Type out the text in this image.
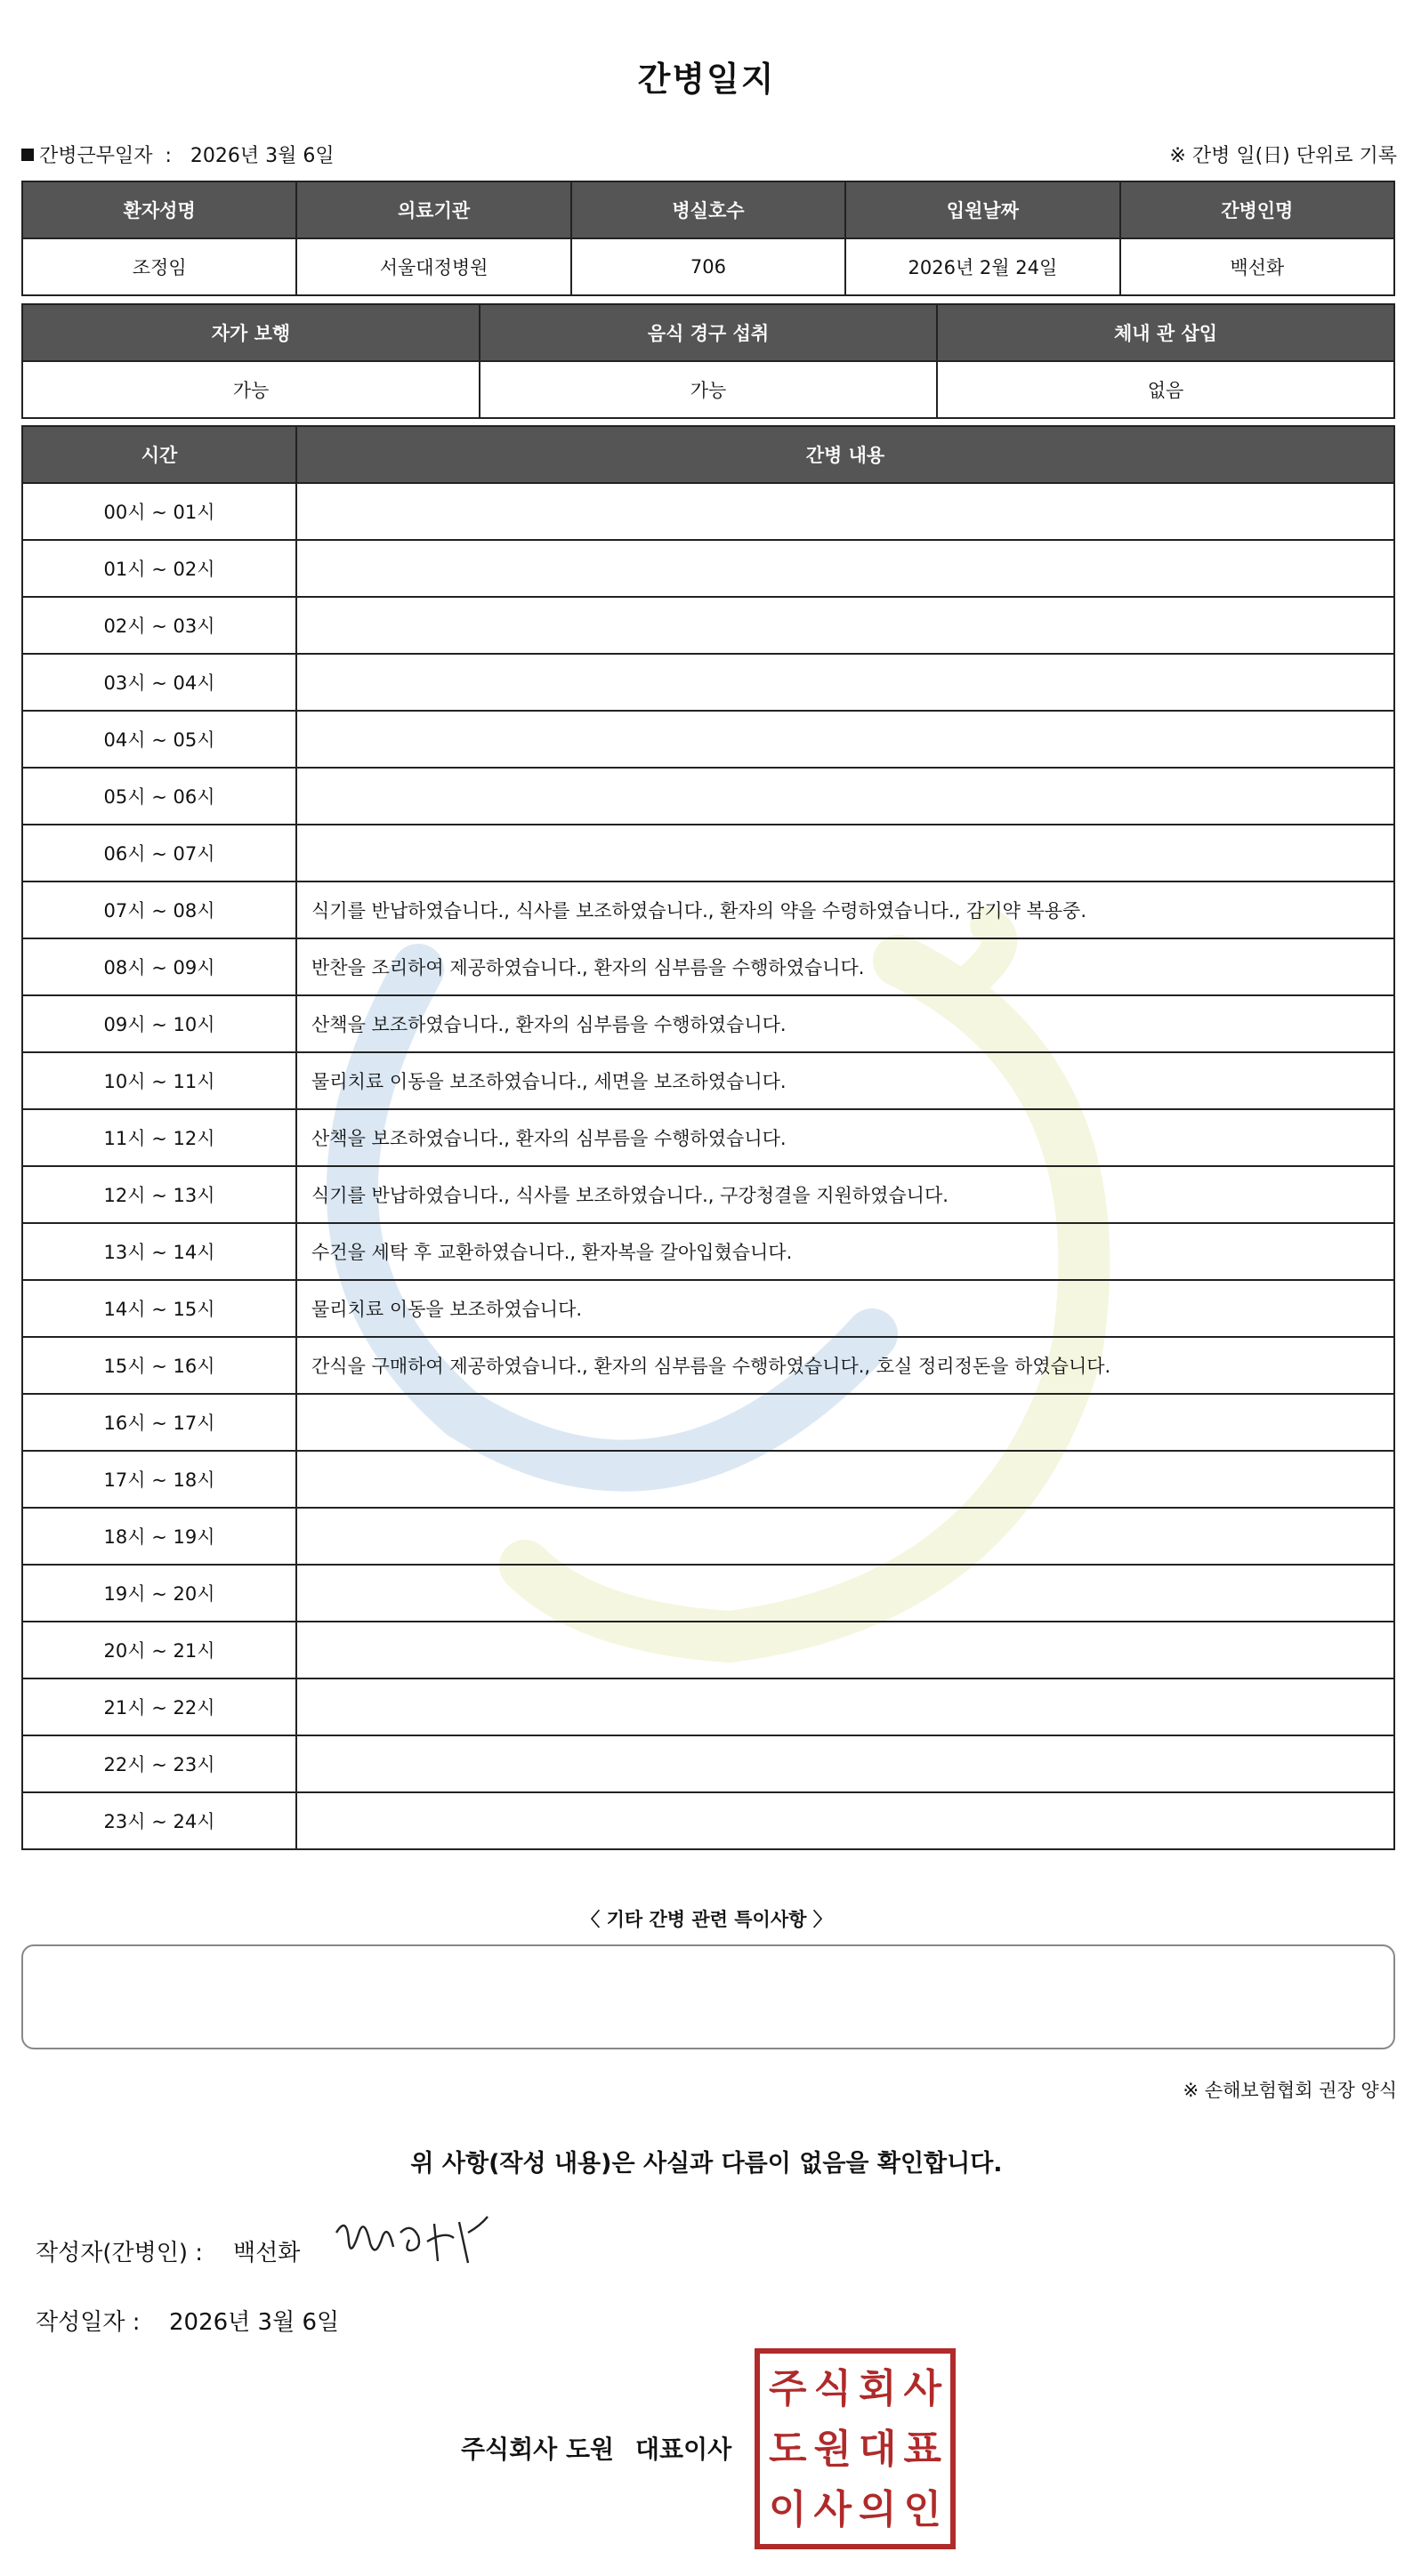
간병일지
간병근무일자 : 2026년 3월 6일	※ 간병 일(日) 단위로 기록
환자성명	의료기관	병실호수	입원날짜	간병인명
조정임	서울대정병원	706	2026년 2월 24일	백선화
자가 보행	음식 경구 섭취	체내 관 삽입
가능	가능	없음
시간	간병 내용
00시 ~ 01시	
01시 ~ 02시	
02시 ~ 03시	
03시 ~ 04시	
04시 ~ 05시	
05시 ~ 06시	
06시 ~ 07시	
07시 ~ 08시	식기를 반납하였습니다., 식사를 보조하였습니다., 환자의 약을 수령하였습니다., 감기약 복용중.
08시 ~ 09시	반찬을 조리하여 제공하였습니다., 환자의 심부름을 수행하였습니다.
09시 ~ 10시	산책을 보조하였습니다., 환자의 심부름을 수행하였습니다.
10시 ~ 11시	물리치료 이동을 보조하였습니다., 세면을 보조하였습니다.
11시 ~ 12시	산책을 보조하였습니다., 환자의 심부름을 수행하였습니다.
12시 ~ 13시	식기를 반납하였습니다., 식사를 보조하였습니다., 구강청결을 지원하였습니다.
13시 ~ 14시	수건을 세탁 후 교환하였습니다., 환자복을 갈아입혔습니다.
14시 ~ 15시	물리치료 이동을 보조하였습니다.
15시 ~ 16시	간식을 구매하여 제공하였습니다., 환자의 심부름을 수행하였습니다., 호실 정리정돈을 하였습니다.
16시 ~ 17시	
17시 ~ 18시	
18시 ~ 19시	
19시 ~ 20시	
20시 ~ 21시	
21시 ~ 22시	
22시 ~ 23시	
23시 ~ 24시	
〈 기타 간병 관련 특이사항 〉
※ 손해보험협회 권장 양식
위 사항(작성 내용)은 사실과 다름이 없음을 확인합니다.
작성자(간병인) : 백선화
작성일자 : 2026년 3월 6일
주식회사 도원 대표이사
주 식 회 사
도 원 대 표
이 사 의 인
